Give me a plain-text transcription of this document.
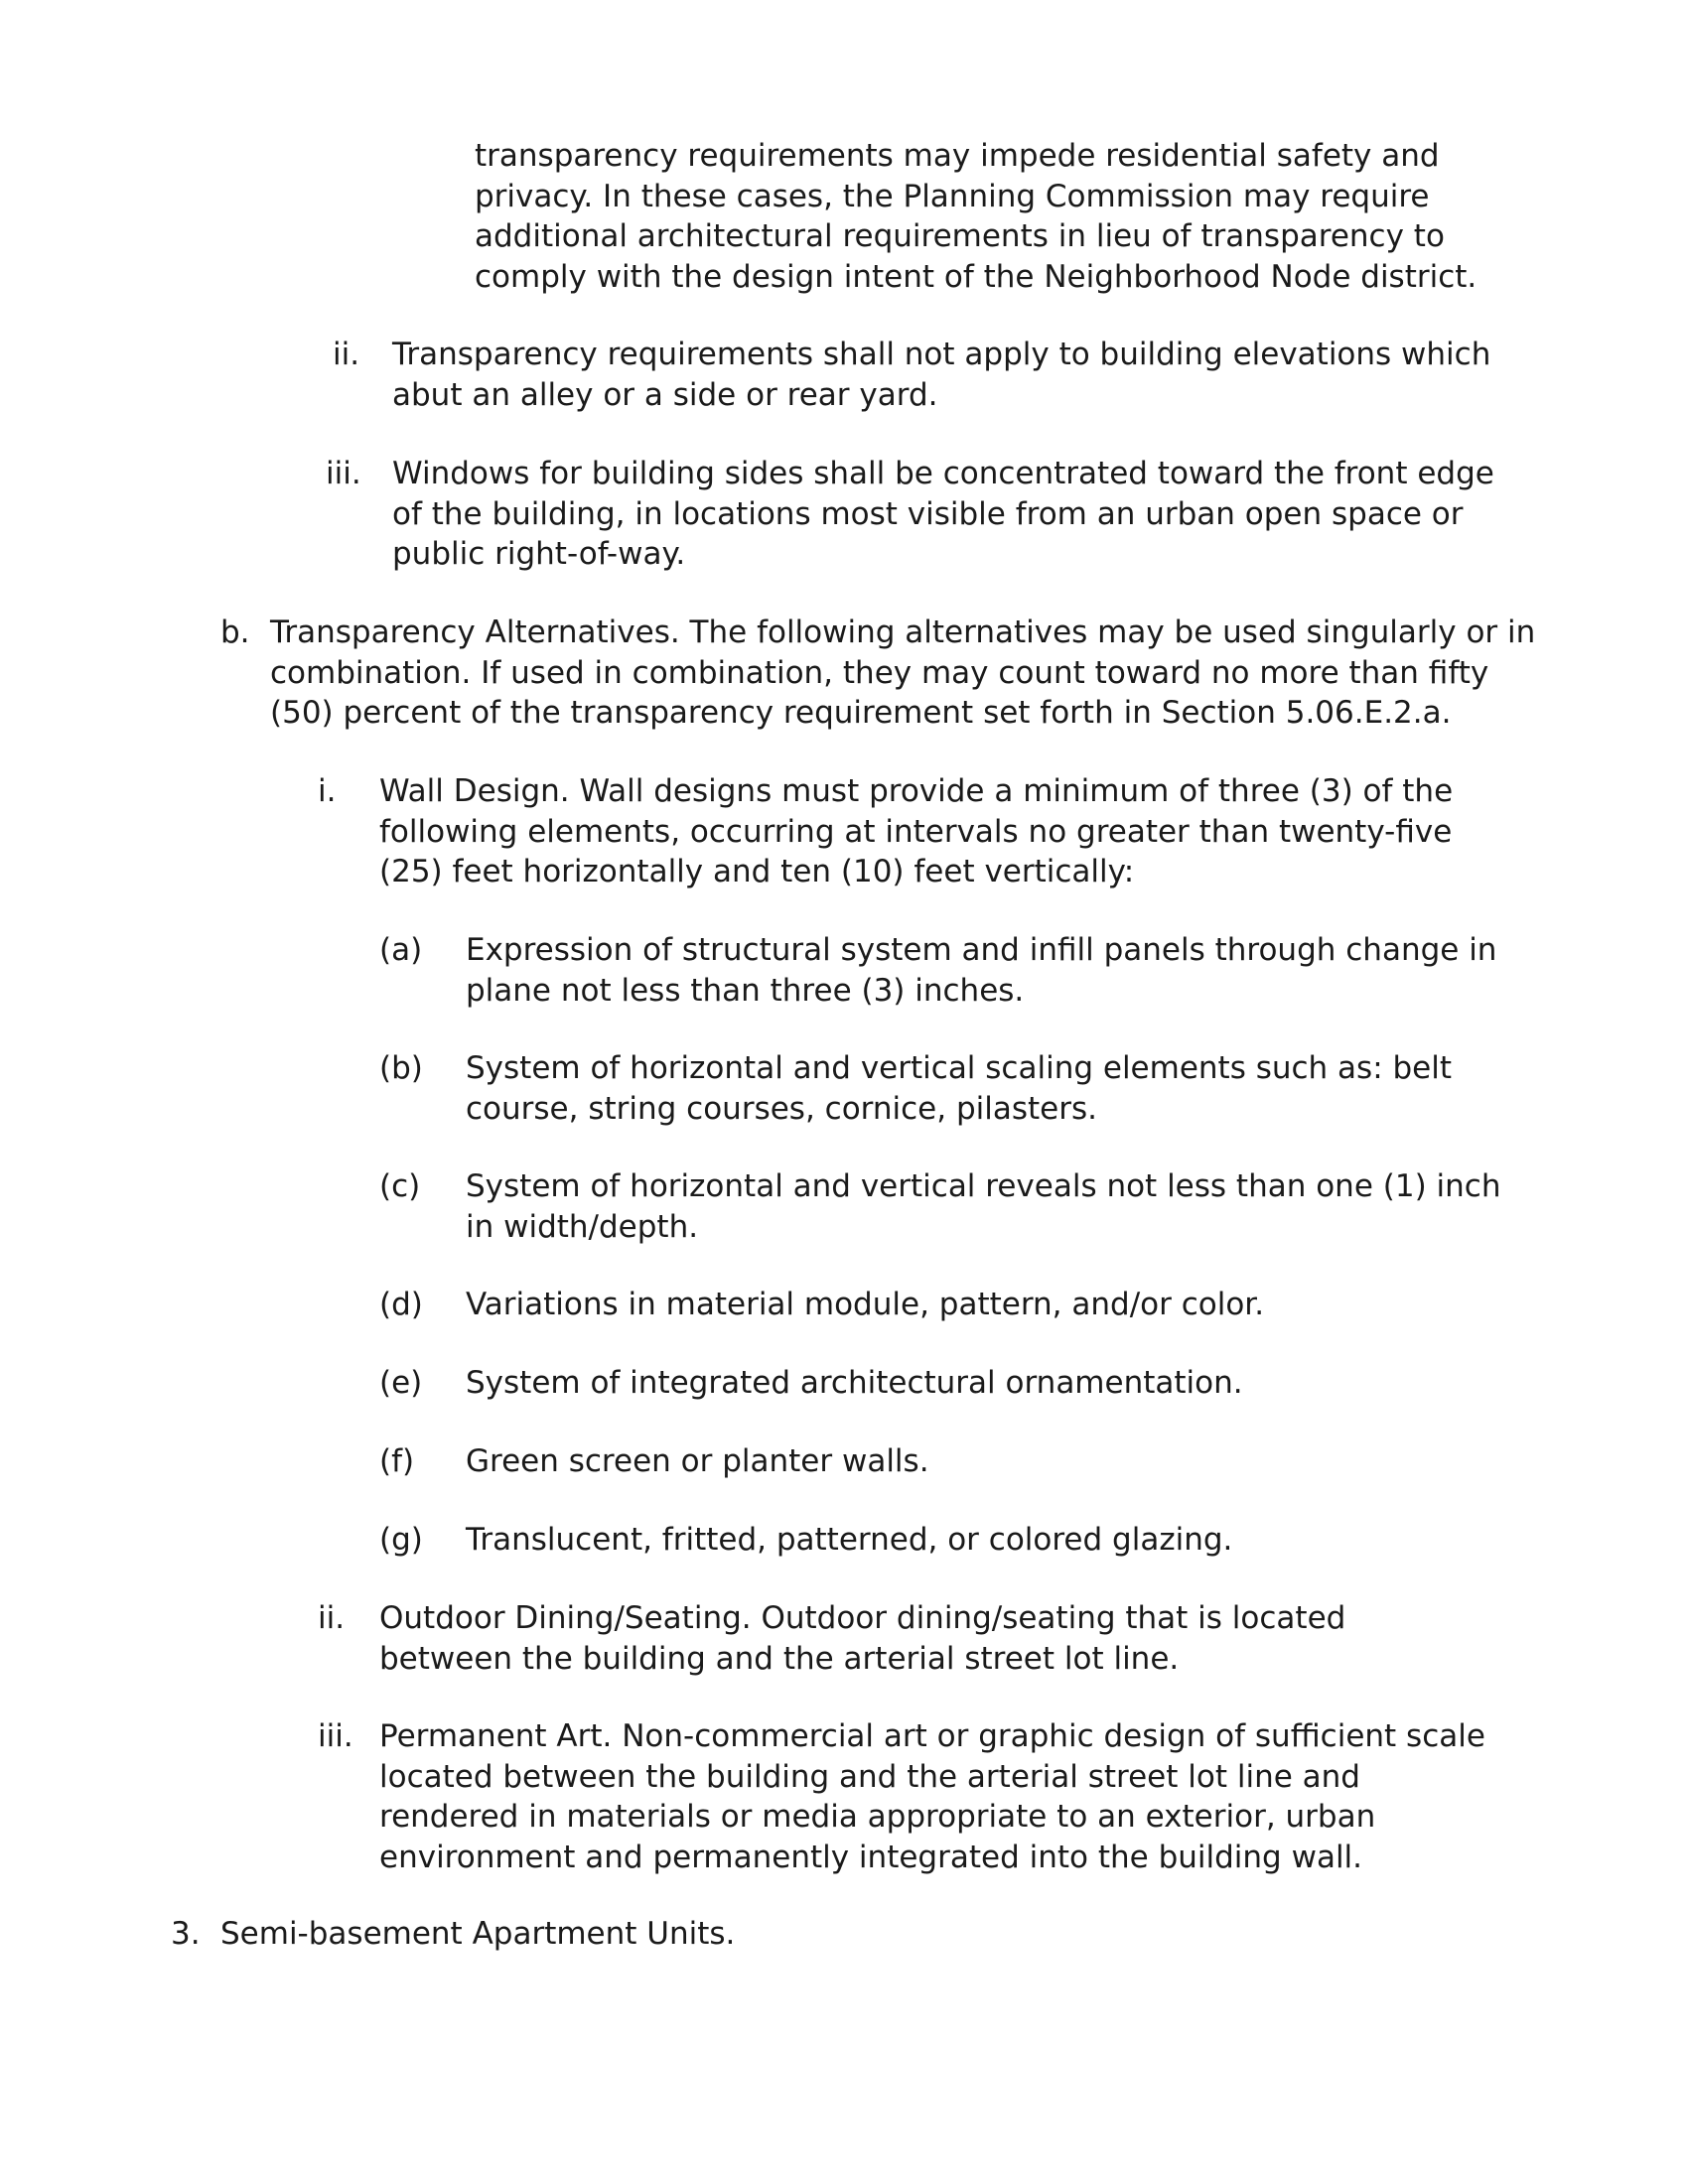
transparency requirements may impede residential safety and

privacy. In these cases, the Planning Commission may require

additional architectural requirements in lieu of transparency to

comply with the design intent of the Neighborhood Node district.

ii. Transparency requirements shall not apply to building elevations which

abut an alley or a side or rear yard.

iii. Windows for building sides shall be concentrated toward the front edge

of the building, in locations most visible from an urban open space or

public right-of-way.

b. Transparency Alternatives. The following alternatives may be used singularly or in

combination. If used in combination, they may count toward no more than fifty

(50) percent of the transparency requirement set forth in Section 5.06.E.2.a.

i. Wall Design. Wall designs must provide a minimum of three (3) of the

following elements, occurring at intervals no greater than twenty-five

(25) feet horizontally and ten (10) feet vertically:

(a) Expression of structural system and infill panels through change in

plane not less than three (3) inches.

(b) System of horizontal and vertical scaling elements such as: belt

course, string courses, cornice, pilasters.

(c) System of horizontal and vertical reveals not less than one (1) inch

in width/depth.

(d) Variations in material module, pattern, and/or color.

(e) System of integrated architectural ornamentation.

(f) Green screen or planter walls.

(g) Translucent, fritted, patterned, or colored glazing.

ii. Outdoor Dining/Seating. Outdoor dining/seating that is located

between the building and the arterial street lot line.

iii. Permanent Art. Non-commercial art or graphic design of sufficient scale

located between the building and the arterial street lot line and

rendered in materials or media appropriate to an exterior, urban

environment and permanently integrated into the building wall.

3. Semi-basement Apartment Units.
